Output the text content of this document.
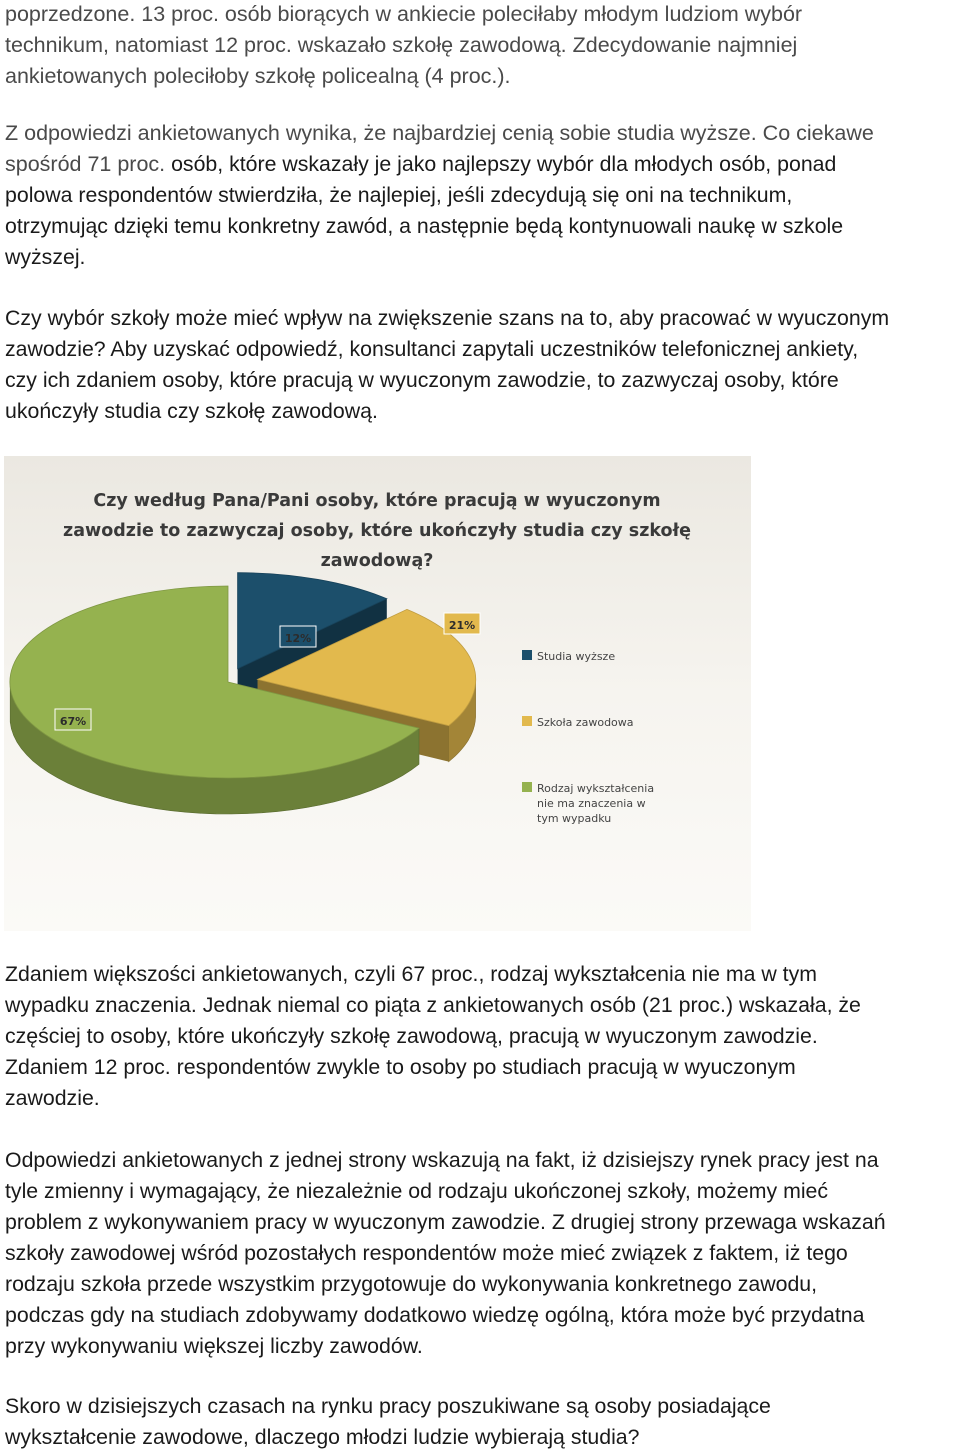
poprzedzone. 13 proc. osób biorących w ankiecie poleciłaby młodym ludziom wybór
technikum, natomiast 12 proc. wskazało szkołę zawodową. Zdecydowanie najmniej
ankietowanych poleciłoby szkołę policealną (4 proc.).
Z odpowiedzi ankietowanych wynika, że najbardziej cenią sobie studia wyższe. Co ciekawe
spośród 71 proc. osób, które wskazały je jako najlepszy wybór dla młodych osób, ponad
polowa respondentów stwierdziła, że najlepiej, jeśli zdecydują się oni na technikum,
otrzymując dzięki temu konkretny zawód, a następnie będą kontynuowali naukę w szkole
wyższej.
Czy wybór szkoły może mieć wpływ na zwiększenie szans na to, aby pracować w wyuczonym
zawodzie? Aby uzyskać odpowiedź, konsultanci zapytali uczestników telefonicznej ankiety,
czy ich zdaniem osoby, które pracują w wyuczonym zawodzie, to zazwyczaj osoby, które
ukończyły studia czy szkołę zawodową.
Czy według Pana/Pani osoby, które pracują w wyuczonym
zawodzie to zazwyczaj osoby, które ukończyły studia czy szkołę
zawodową?
12%
21%
67%
Studia wyższe
Szkoła zawodowa
Rodzaj wykształcenia
nie ma znaczenia w
tym wypadku
Zdaniem większości ankietowanych, czyli 67 proc., rodzaj wykształcenia nie ma w tym
wypadku znaczenia. Jednak niemal co piąta z ankietowanych osób (21 proc.) wskazała, że
częściej to osoby, które ukończyły szkołę zawodową, pracują w wyuczonym zawodzie.
Zdaniem 12 proc. respondentów zwykle to osoby po studiach pracują w wyuczonym
zawodzie.
Odpowiedzi ankietowanych z jednej strony wskazują na fakt, iż dzisiejszy rynek pracy jest na
tyle zmienny i wymagający, że niezależnie od rodzaju ukończonej szkoły, możemy mieć
problem z wykonywaniem pracy w wyuczonym zawodzie. Z drugiej strony przewaga wskazań
szkoły zawodowej wśród pozostałych respondentów może mieć związek z faktem, iż tego
rodzaju szkoła przede wszystkim przygotowuje do wykonywania konkretnego zawodu,
podczas gdy na studiach zdobywamy dodatkowo wiedzę ogólną, która może być przydatna
przy wykonywaniu większej liczby zawodów.
Skoro w dzisiejszych czasach na rynku pracy poszukiwane są osoby posiadające
wykształcenie zawodowe, dlaczego młodzi ludzie wybierają studia?
